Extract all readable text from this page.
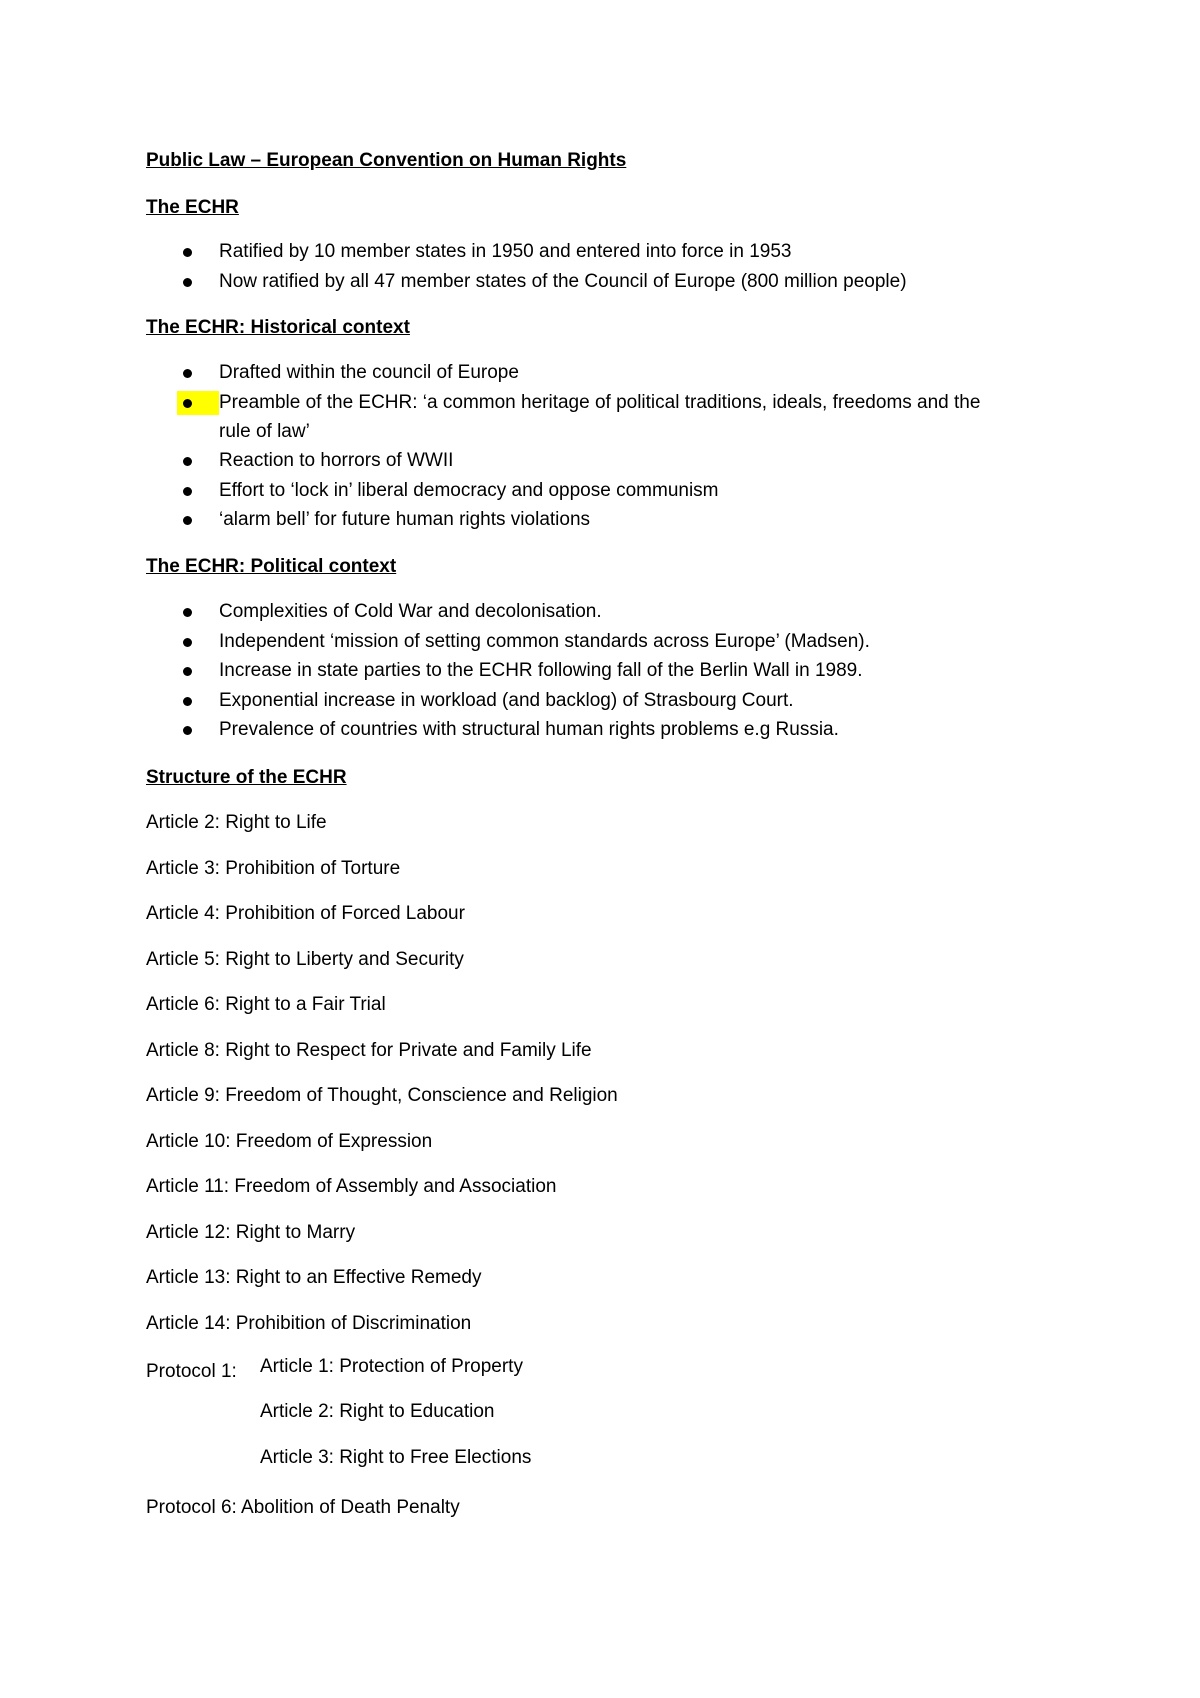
Public Law – European Convention on Human Rights
The ECHR
Ratified by 10 member states in 1950 and entered into force in 1953
Now ratified by all 47 member states of the Council of Europe (800 million people)
The ECHR: Historical context
Drafted within the council of Europe
Preamble of the ECHR: ‘a common heritage of political traditions, ideals, freedoms and the
rule of law’
Reaction to horrors of WWII
Effort to ‘lock in’ liberal democracy and oppose communism
‘alarm bell’ for future human rights violations
The ECHR: Political context
Complexities of Cold War and decolonisation.
Independent ‘mission of setting common standards across Europe’ (Madsen).
Increase in state parties to the ECHR following fall of the Berlin Wall in 1989.
Exponential increase in workload (and backlog) of Strasbourg Court.
Prevalence of countries with structural human rights problems e.g Russia.
Structure of the ECHR
Article 2: Right to Life
Article 3: Prohibition of Torture
Article 4: Prohibition of Forced Labour
Article 5: Right to Liberty and Security
Article 6: Right to a Fair Trial
Article 8: Right to Respect for Private and Family Life
Article 9: Freedom of Thought, Conscience and Religion
Article 10: Freedom of Expression
Article 11: Freedom of Assembly and Association
Article 12: Right to Marry
Article 13: Right to an Effective Remedy
Article 14: Prohibition of Discrimination
Protocol 1: Article 1: Protection of Property
Article 2: Right to Education
Article 3: Right to Free Elections
Protocol 6: Abolition of Death Penalty
